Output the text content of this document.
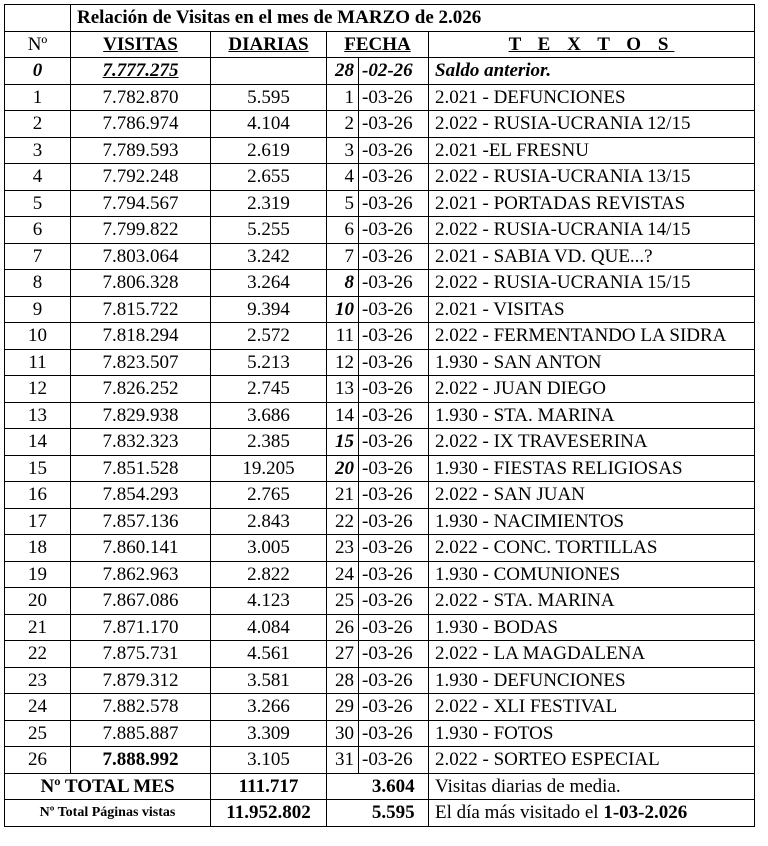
	Relación de Visitas en el mes de MARZO de 2.026				
Nº	VISITAS	DIARIAS	FECHA		T E X T O S
0	7.777.275		28	-02-26	Saldo anterior.
1	7.782.870	5.595	1	-03-26	2.021 - DEFUNCIONES
2	7.786.974	4.104	2	-03-26	2.022 - RUSIA-UCRANIA 12/15
3	7.789.593	2.619	3	-03-26	2.021 -EL FRESNU
4	7.792.248	2.655	4	-03-26	2.022 - RUSIA-UCRANIA 13/15
5	7.794.567	2.319	5	-03-26	2.021 - PORTADAS REVISTAS
6	7.799.822	5.255	6	-03-26	2.022 - RUSIA-UCRANIA 14/15
7	7.803.064	3.242	7	-03-26	2.021 - SABIA VD. QUE...?
8	7.806.328	3.264	8	-03-26	2.022 - RUSIA-UCRANIA 15/15
9	7.815.722	9.394	10	-03-26	2.021 - VISITAS
10	7.818.294	2.572	11	-03-26	2.022 - FERMENTANDO LA SIDRA
11	7.823.507	5.213	12	-03-26	1.930 - SAN ANTON
12	7.826.252	2.745	13	-03-26	2.022 - JUAN DIEGO
13	7.829.938	3.686	14	-03-26	1.930 - STA. MARINA
14	7.832.323	2.385	15	-03-26	2.022 - IX TRAVESERINA
15	7.851.528	19.205	20	-03-26	1.930 - FIESTAS RELIGIOSAS
16	7.854.293	2.765	21	-03-26	2.022 - SAN JUAN
17	7.857.136	2.843	22	-03-26	1.930 - NACIMIENTOS
18	7.860.141	3.005	23	-03-26	2.022 - CONC. TORTILLAS
19	7.862.963	2.822	24	-03-26	1.930 - COMUNIONES
20	7.867.086	4.123	25	-03-26	2.022 - STA. MARINA
21	7.871.170	4.084	26	-03-26	1.930 - BODAS
22	7.875.731	4.561	27	-03-26	2.022 - LA MAGDALENA
23	7.879.312	3.581	28	-03-26	1.930 - DEFUNCIONES
24	7.882.578	3.266	29	-03-26	2.022 - XLI FESTIVAL
25	7.885.887	3.309	30	-03-26	1.930 - FOTOS
26	7.888.992	3.105	31	-03-26	2.022 - SORTEO ESPECIAL
Nº TOTAL MES		111.717		3.604	Visitas diarias de media.
Nº Total Páginas vistas		11.952.802		5.595	El día más visitado el 1-03-2.026
